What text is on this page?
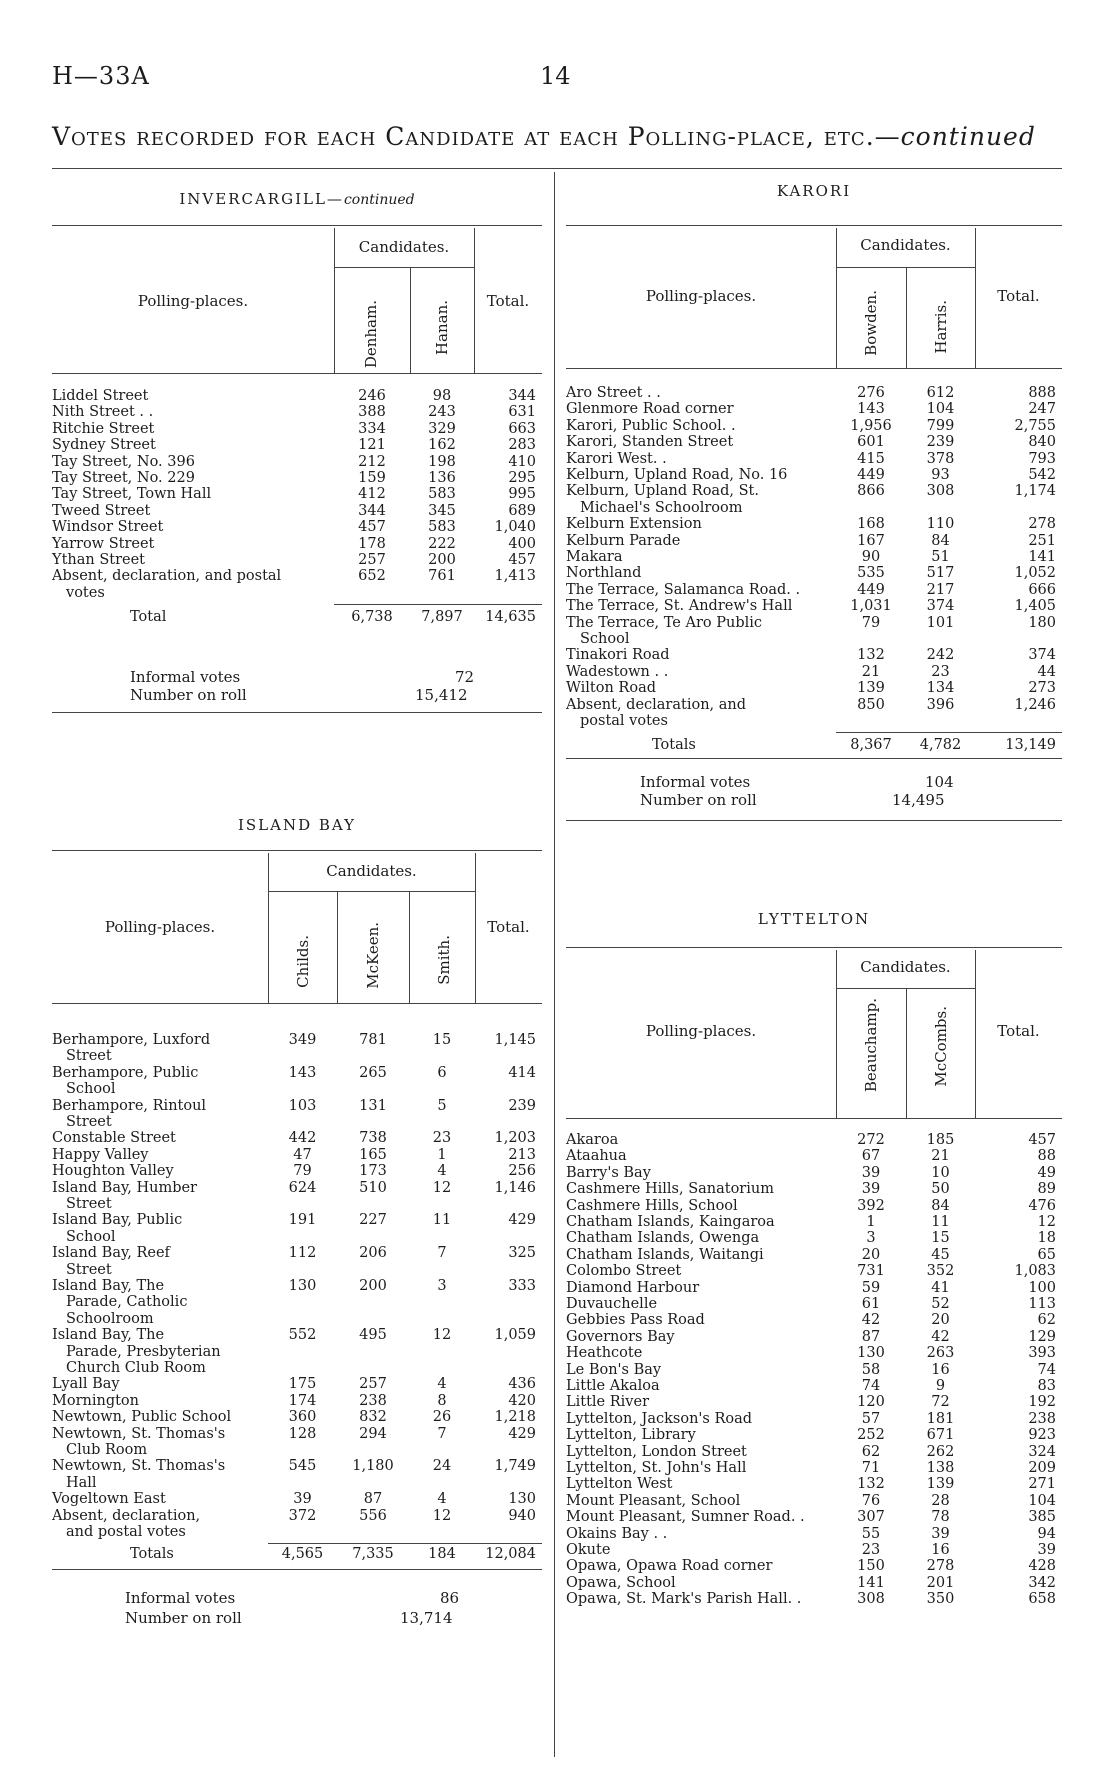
H—33A	14
Votes recorded for each Candidate at each Polling-place, etc.—continued
INVERCARGILL—continued
Candidates.
Polling-places.	Total.
Denham.	Hanan.
Liddel Street	246	98	344
Nith Street . .	388	243	631
Ritchie Street	334	329	663
Sydney Street	121	162	283
Tay Street, No. 396	212	198	410
Tay Street, No. 229	159	136	295
Tay Street, Town Hall	412	583	995
Tweed Street	344	345	689
Windsor Street	457	583	1,040
Yarrow Street	178	222	400
Ythan Street	257	200	457
Absent, declaration, and postal
votes
652	761	1,413
Total	6,738	7,897	14,635
Informal votes	72
Number on roll	15,412
ISLAND BAY
Candidates.
Polling-places.	Total.
Childs.	McKeen.	Smith.
Berhampore, Luxford
Street
349	781	15	1,145
Berhampore, Public
School
143	265	6	414
Berhampore, Rintoul
Street
103	131	5	239
Constable Street	442	738	23	1,203
Happy Valley	47	165	1	213
Houghton Valley	79	173	4	256
Island Bay, Humber
Street
624	510	12	1,146
Island Bay, Public
School
191	227	11	429
Island Bay, Reef
Street
112	206	7	325
Island Bay, The
Parade, Catholic
Schoolroom
130	200	3	333
Island Bay, The
Parade, Presbyterian
Church Club Room
552	495	12	1,059
Lyall Bay	175	257	4	436
Mornington	174	238	8	420
Newtown, Public School	360	832	26	1,218
Newtown, St. Thomas's
Club Room
128	294	7	429
Newtown, St. Thomas's
Hall
545	1,180	24	1,749
Vogeltown East	39	87	4	130
Absent, declaration,
and postal votes
372	556	12	940
Totals	4,565	7,335	184	12,084
Informal votes	86
Number on roll	13,714
KARORI
Candidates.
Polling-places.	Total.
Bowden.	Harris.
Aro Street . .	276	612	888
Glenmore Road corner	143	104	247
Karori, Public School. .	1,956	799	2,755
Karori, Standen Street	601	239	840
Karori West. .	415	378	793
Kelburn, Upland Road, No. 16	449	93	542
Kelburn, Upland Road, St.
Michael's Schoolroom
866	308	1,174
Kelburn Extension	168	110	278
Kelburn Parade	167	84	251
Makara	90	51	141
Northland	535	517	1,052
The Terrace, Salamanca Road. .	449	217	666
The Terrace, St. Andrew's Hall	1,031	374	1,405
The Terrace, Te Aro Public
School
79	101	180
Tinakori Road	132	242	374
Wadestown . .	21	23	44
Wilton Road	139	134	273
Absent, declaration, and
postal votes
850	396	1,246
Totals	8,367	4,782	13,149
Informal votes	104
Number on roll	14,495
LYTTELTON
Candidates.
Polling-places.	Total.
Beauchamp.	McCombs.
Akaroa	272	185	457
Ataahua	67	21	88
Barry's Bay	39	10	49
Cashmere Hills, Sanatorium	39	50	89
Cashmere Hills, School	392	84	476
Chatham Islands, Kaingaroa	1	11	12
Chatham Islands, Owenga	3	15	18
Chatham Islands, Waitangi	20	45	65
Colombo Street	731	352	1,083
Diamond Harbour	59	41	100
Duvauchelle	61	52	113
Gebbies Pass Road	42	20	62
Governors Bay	87	42	129
Heathcote	130	263	393
Le Bon's Bay	58	16	74
Little Akaloa	74	9	83
Little River	120	72	192
Lyttelton, Jackson's Road	57	181	238
Lyttelton, Library	252	671	923
Lyttelton, London Street	62	262	324
Lyttelton, St. John's Hall	71	138	209
Lyttelton West	132	139	271
Mount Pleasant, School	76	28	104
Mount Pleasant, Sumner Road. .	307	78	385
Okains Bay . .	55	39	94
Okute	23	16	39
Opawa, Opawa Road corner	150	278	428
Opawa, School	141	201	342
Opawa, St. Mark's Parish Hall. .	308	350	658
